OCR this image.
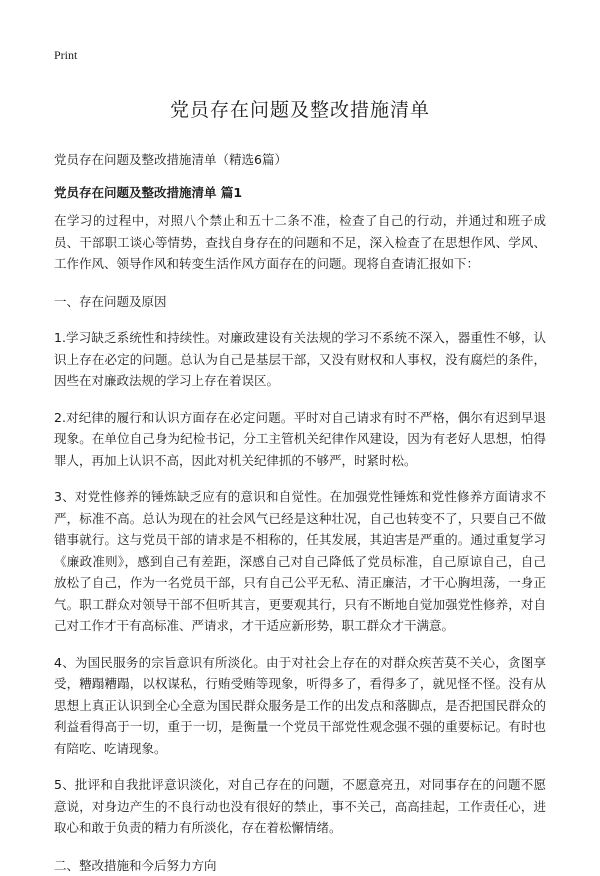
Print
党员存在问题及整改措施清单

党员存在问题及整改措施清单（精选6篇）

党员存在问题及整改措施清单 篇1

在学习的过程中，对照八个禁止和五十二条不准，检查了自己的行动，并通过和班子成员、干部职工谈心等情势，查找自身存在的问题和不足，深入检查了在思想作风、学风、工作作风、领导作风和转变生活作风方面存在的问题。现将自查请汇报如下：

一、存在问题及原因

1.学习缺乏系统性和持续性。对廉政建设有关法规的学习不系统不深入，器重性不够，认识上存在必定的问题。总认为自己是基层干部，又没有财权和人事权，没有腐烂的条件，因些在对廉政法规的学习上存在着误区。

2.对纪律的履行和认识方面存在必定问题。平时对自己请求有时不严格，偶尔有迟到早退现象。在单位自己身为纪检书记，分工主管机关纪律作风建设，因为有老好人思想，怕得罪人，再加上认识不高，因此对机关纪律抓的不够严，时紧时松。

3、对党性修养的锤炼缺乏应有的意识和自觉性。在加强党性锤炼和党性修养方面请求不严，标准不高。总认为现在的社会风气已经是这种壮况，自己也转变不了，只要自己不做错事就行。这与党员干部的请求是不相称的，任其发展，其迫害是严重的。通过重复学习《廉政准则》，感到自己有差距，深感自己对自己降低了党员标准，自己原谅自己，自己放松了自己，作为一名党员干部，只有自己公平无私、清正廉洁，才干心胸坦荡，一身正气。职工群众对领导干部不但听其言，更要观其行，只有不断地自觉加强党性修养，对自己对工作才干有高标准、严请求，才干适应新形势，职工群众才干满意。

4、为国民服务的宗旨意识有所淡化。由于对社会上存在的对群众疾苦莫不关心，贪图享受，糟蹋糟蹋，以权谋私，行贿受贿等现象，听得多了，看得多了，就见怪不怪。没有从思想上真正认识到全心全意为国民群众服务是工作的出发点和落脚点，是否把国民群众的利益看得高于一切，重于一切，是衡量一个党员干部党性观念强不强的重要标记。有时也有陪吃、吃请现象。

5、批评和自我批评意识淡化，对自己存在的问题，不愿意亮丑，对同事存在的问题不愿意说，对身边产生的不良行动也没有很好的禁止，事不关己，高高挂起，工作责任心，进取心和敢于负责的精力有所淡化，存在着松懈情绪。

二、整改措施和今后努力方向
